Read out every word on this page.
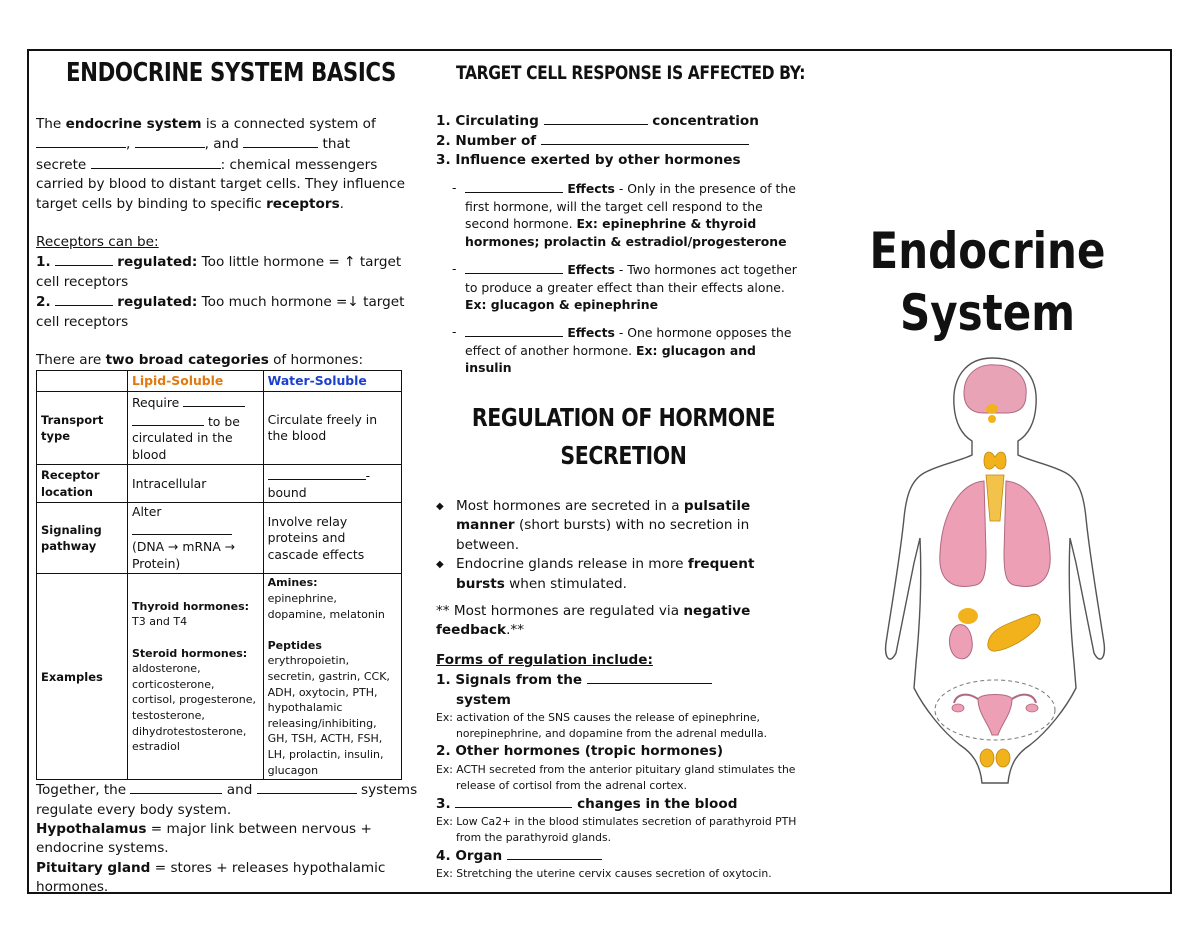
ENDOCRINE SYSTEM BASICS
The endocrine system is a connected system of
,	, and	that
secrete	: chemical messengers carried by blood to distant target cells. They influence target cells by binding to specific receptors.
Receptors can be:
1.	regulated: Too little hormone = ↑ target cell receptors
2.	regulated: Too much hormone =↓ target cell receptors
There are two broad categories of hormones:
	Lipid-Soluble	Water-Soluble
Transport type	Require
to be
circulated in the blood	Circulate freely in the blood
Receptor location	Intracellular	-
bound
Signaling pathway	Alter
(DNA → mRNA →
Protein)	Involve relay proteins and cascade effects
Examples	Thyroid hormones: T3 and T4

Steroid hormones:
aldosterone, corticosterone, cortisol, progesterone, testosterone, dihydrotestosterone, estradiol	Amines:
epinephrine, dopamine, melatonin

Peptides
erythropoietin, secretin, gastrin, CCK, ADH, oxytocin, PTH, hypothalamic releasing/inhibiting, GH, TSH, ACTH, FSH, LH, prolactin, insulin, glucagon
Together, the	and	systems regulate every body system.
Hypothalamus = major link between nervous + endocrine systems.
Pituitary gland = stores + releases hypothalamic hormones.
TARGET CELL RESPONSE IS AFFECTED BY:
1. Circulating	concentration
2. Number of
3. Influence exerted by other hormones
-	Effects - Only in the presence of the first hormone, will the target cell respond to the second hormone. Ex: epinephrine & thyroid hormones; prolactin & estradiol/progesterone
-	Effects - Two hormones act together to produce a greater effect than their effects alone. Ex: glucagon & epinephrine
-	Effects - One hormone opposes the effect of another hormone. Ex: glucagon and insulin
REGULATION OF HORMONE
SECRETION
◆ Most hormones are secreted in a pulsatile manner (short bursts) with no secretion in between.
◆ Endocrine glands release in more frequent bursts when stimulated.
** Most hormones are regulated via negative feedback.**
Forms of regulation include:
1. Signals from the
system
Ex: activation of the SNS causes the release of epinephrine, norepinephrine, and dopamine from the adrenal medulla.
2. Other hormones (tropic hormones)
Ex: ACTH secreted from the anterior pituitary gland stimulates the release of cortisol from the adrenal cortex.
3.	changes in the blood
Ex: Low Ca2+ in the blood stimulates secretion of parathyroid PTH from the parathyroid glands.
4. Organ
Ex: Stretching the uterine cervix causes secretion of oxytocin.
Endocrine
System
